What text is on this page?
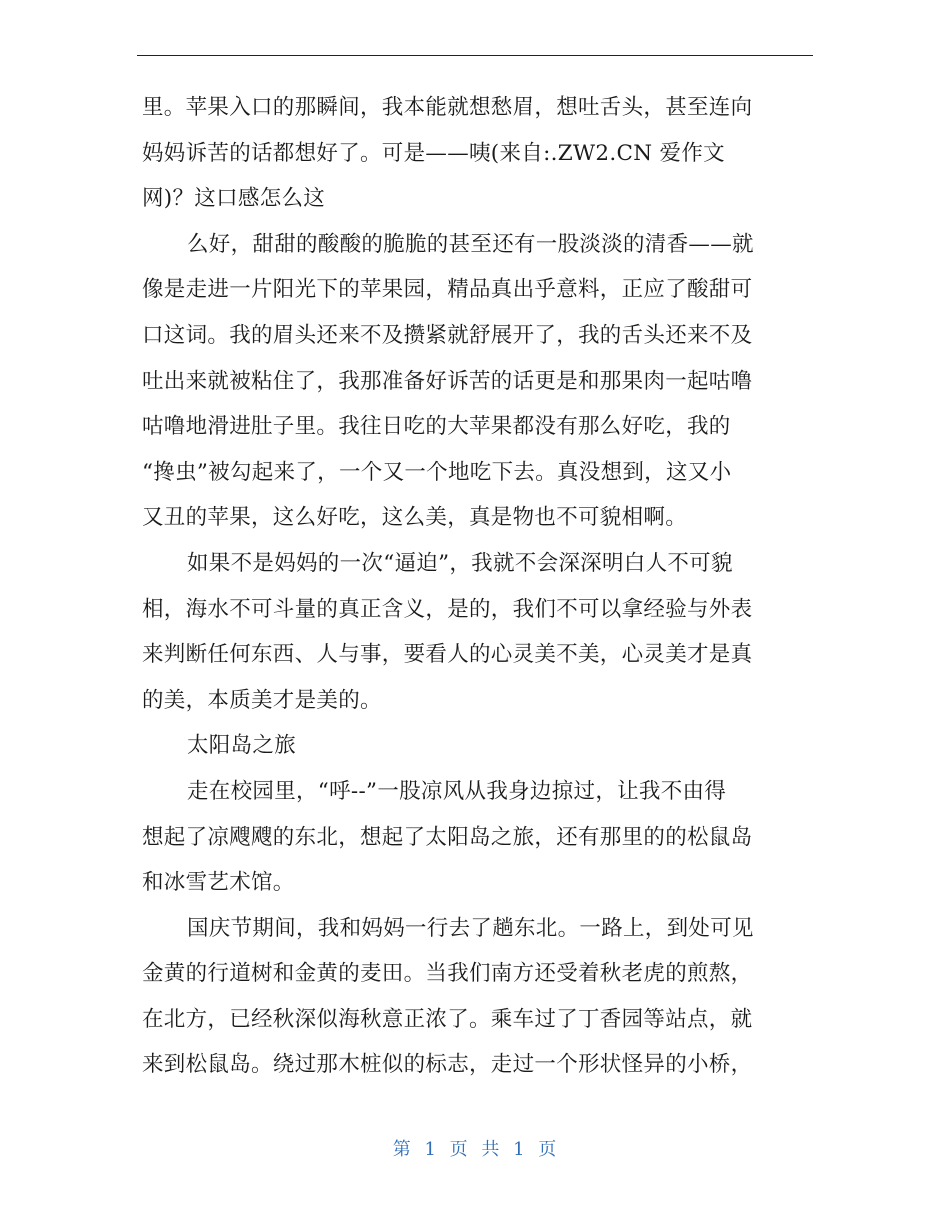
里。苹果入口的那瞬间，我本能就想愁眉，想吐舌头，甚至连向
妈妈诉苦的话都想好了。可是——咦(来自:.ZW2.CN 爱作文
网)？这口感怎么这
么好，甜甜的酸酸的脆脆的甚至还有一股淡淡的清香——就
像是走进一片阳光下的苹果园，精品真出乎意料，正应了酸甜可
口这词。我的眉头还来不及攒紧就舒展开了，我的舌头还来不及
吐出来就被粘住了，我那准备好诉苦的话更是和那果肉一起咕噜
咕噜地滑进肚子里。我往日吃的大苹果都没有那么好吃，我的
“搀虫”被勾起来了，一个又一个地吃下去。真没想到，这又小
又丑的苹果，这么好吃，这么美，真是物也不可貌相啊。
如果不是妈妈的一次“逼迫”，我就不会深深明白人不可貌
相，海水不可斗量的真正含义，是的，我们不可以拿经验与外表
来判断任何东西、人与事，要看人的心灵美不美，心灵美才是真
的美，本质美才是美的。
太阳岛之旅
走在校园里，“呼--”一股凉风从我身边掠过，让我不由得
想起了凉飕飕的东北，想起了太阳岛之旅，还有那里的的松鼠岛
和冰雪艺术馆。
国庆节期间，我和妈妈一行去了趟东北。一路上，到处可见
金黄的行道树和金黄的麦田。当我们南方还受着秋老虎的煎熬，
在北方，已经秋深似海秋意正浓了。乘车过了丁香园等站点，就
来到松鼠岛。绕过那木桩似的标志，走过一个形状怪异的小桥，
第 1 页 共 1 页
